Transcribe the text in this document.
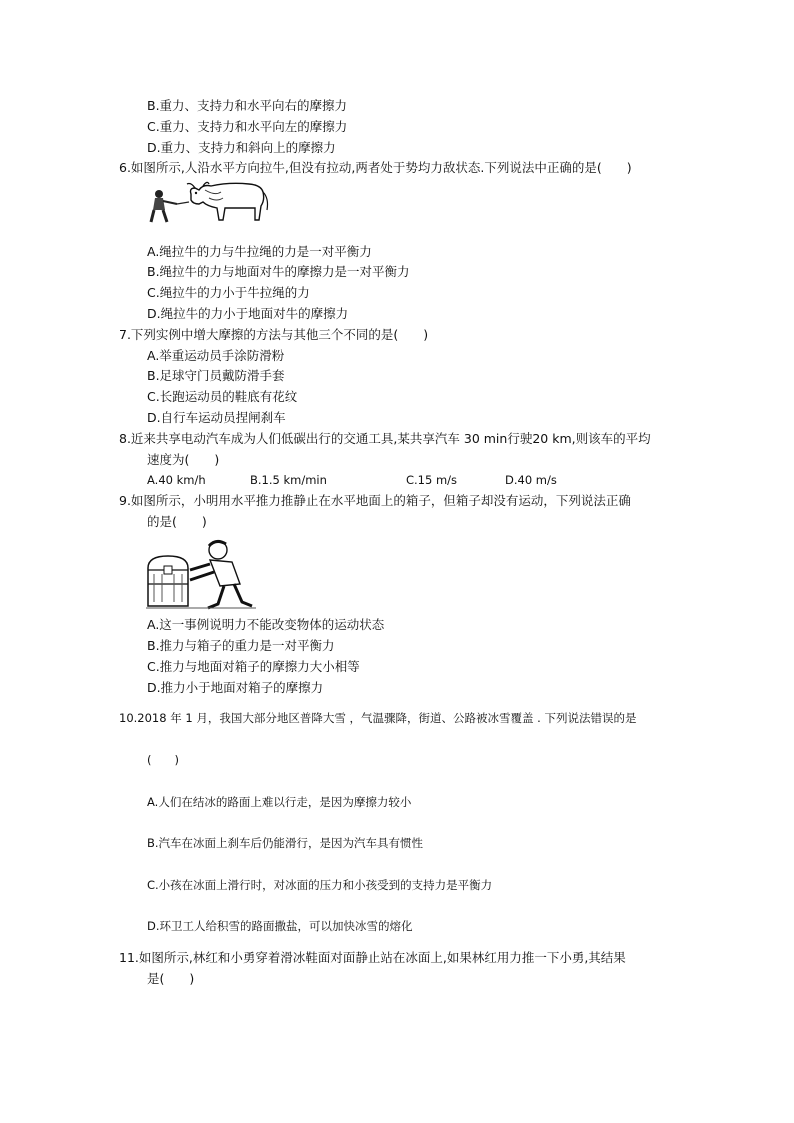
B.重力、支持力和水平向右的摩擦力
C.重力、支持力和水平向左的摩擦力
D.重力、支持力和斜向上的摩擦力
6.如图所示,人沿水平方向拉牛,但没有拉动,两者处于势均力敌状态.下列说法中正确的是(　　)
A.绳拉牛的力与牛拉绳的力是一对平衡力
B.绳拉牛的力与地面对牛的摩擦力是一对平衡力
C.绳拉牛的力小于牛拉绳的力
D.绳拉牛的力小于地面对牛的摩擦力
7.下列实例中增大摩擦的方法与其他三个不同的是(　　)
A.举重运动员手涂防滑粉
B.足球守门员戴防滑手套
C.长跑运动员的鞋底有花纹
D.自行车运动员捏闸刹车
8.近来共享电动汽车成为人们低碳出行的交通工具,某共享汽车 30 min行驶20 km,则该车的平均
速度为(　　)
A.40 km/h	B.1.5 km/min	C.15 m/s	D.40 m/s
9.如图所示，小明用水平推力推静止在水平地面上的箱子，但箱子却没有运动，下列说法正确
的是(　　)
A.这一事例说明力不能改变物体的运动状态
B.推力与箱子的重力是一对平衡力
C.推力与地面对箱子的摩擦力大小相等
D.推力小于地面对箱子的摩擦力
10.2018 年 1 月，我国大部分地区普降大雪 ，气温骤降，街道、公路被冰雪覆盖 . 下列说法错误的是
(　　)
A.人们在结冰的路面上难以行走，是因为摩擦力较小
B.汽车在冰面上刹车后仍能滑行，是因为汽车具有惯性
C.小孩在冰面上滑行时，对冰面的压力和小孩受到的支持力是平衡力
D.环卫工人给积雪的路面撒盐，可以加快冰雪的熔化
11.如图所示,林红和小勇穿着滑冰鞋面对面静止站在冰面上,如果林红用力推一下小勇,其结果
是(　　)
